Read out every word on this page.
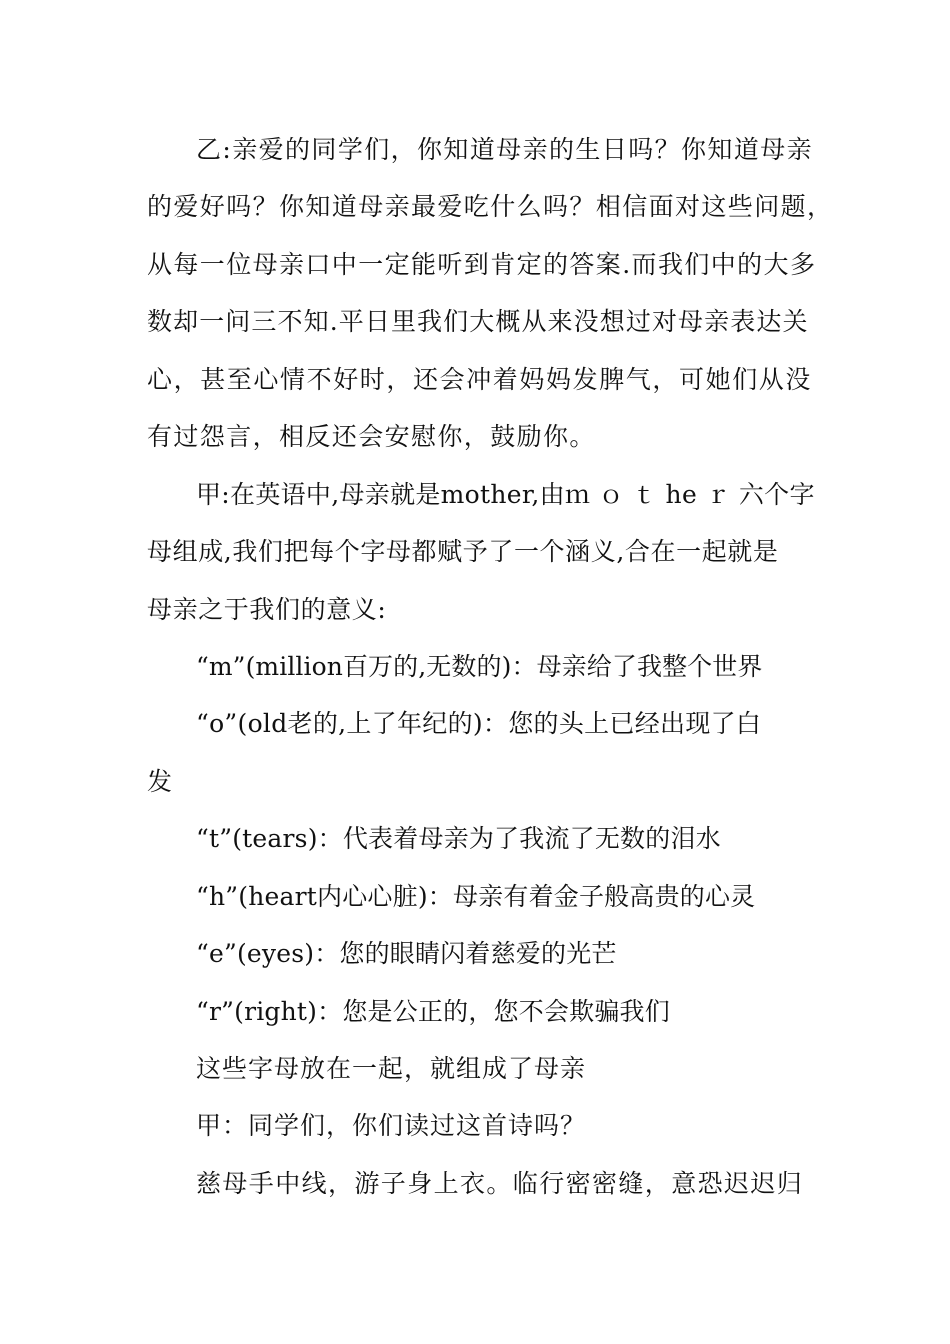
乙:亲爱的同学们，你知道母亲的生日吗？你知道母亲
的爱好吗？你知道母亲最爱吃什么吗？相信面对这些问题，
从每一位母亲口中一定能听到肯定的答案.而我们中的大多
数却一问三不知.平日里我们大概从来没想过对母亲表达关
心，甚至心情不好时，还会冲着妈妈发脾气，可她们从没
有过怨言，相反还会安慰你，鼓励你。
甲:在英语中,母亲就是mother,由ｍ ｏ ｔ he ｒ 六个字
母组成,我们把每个字母都赋予了一个涵义,合在一起就是
母亲之于我们的意义:
“m”(million百万的,无数的)：母亲给了我整个世界
“o”(old老的,上了年纪的)：您的头上已经出现了白
发
“t”(tears)：代表着母亲为了我流了无数的泪水
“h”(heart内心心脏)：母亲有着金子般高贵的心灵
“e”(eyes)：您的眼睛闪着慈爱的光芒
“r”(right)：您是公正的，您不会欺骗我们
这些字母放在一起，就组成了母亲
甲：同学们，你们读过这首诗吗？
慈母手中线，游子身上衣。临行密密缝，意恐迟迟归
